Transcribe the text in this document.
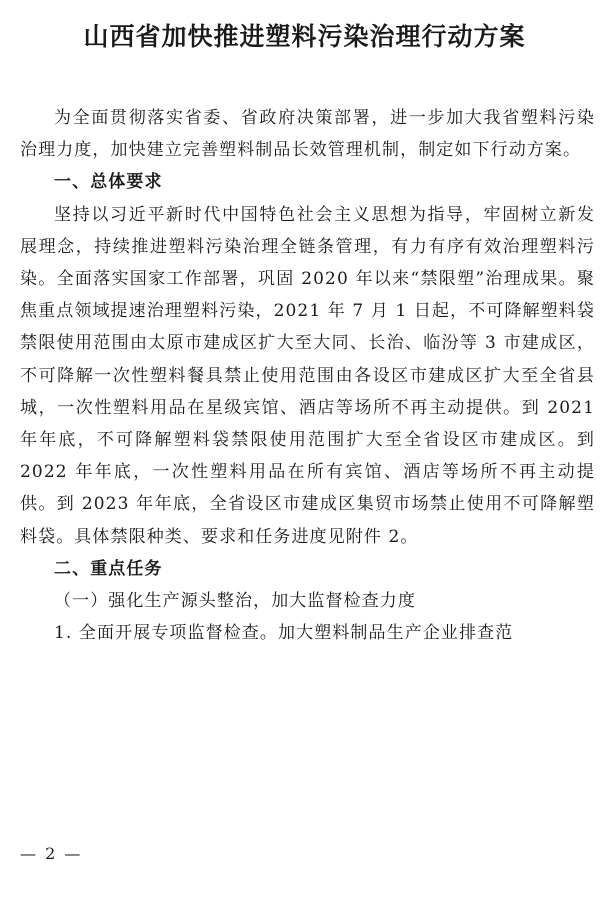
山西省加快推进塑料污染治理行动方案

为全面贯彻落实省委、省政府决策部署，进一步加大我省塑料污染治理力度，加快建立完善塑料制品长效管理机制，制定如下行动方案。

一、总体要求

坚持以习近平新时代中国特色社会主义思想为指导，牢固树立新发展理念，持续推进塑料污染治理全链条管理，有力有序有效治理塑料污染。全面落实国家工作部署，巩固 2020 年以来“禁限塑”治理成果。聚焦重点领域提速治理塑料污染，2021 年 7 月 1 日起，不可降解塑料袋禁限使用范围由太原市建成区扩大至大同、长治、临汾等 3 市建成区，不可降解一次性塑料餐具禁止使用范围由各设区市建成区扩大至全省县城，一次性塑料用品在星级宾馆、酒店等场所不再主动提供。到 2021 年年底，不可降解塑料袋禁限使用范围扩大至全省设区市建成区。到 2022 年年底，一次性塑料用品在所有宾馆、酒店等场所不再主动提供。到 2023 年年底，全省设区市建成区集贸市场禁止使用不可降解塑料袋。具体禁限种类、要求和任务进度见附件 2。

二、重点任务

（一）强化生产源头整治，加大监督检查力度

1. 全面开展专项监督检查。加大塑料制品生产企业排查范

— 2 —
